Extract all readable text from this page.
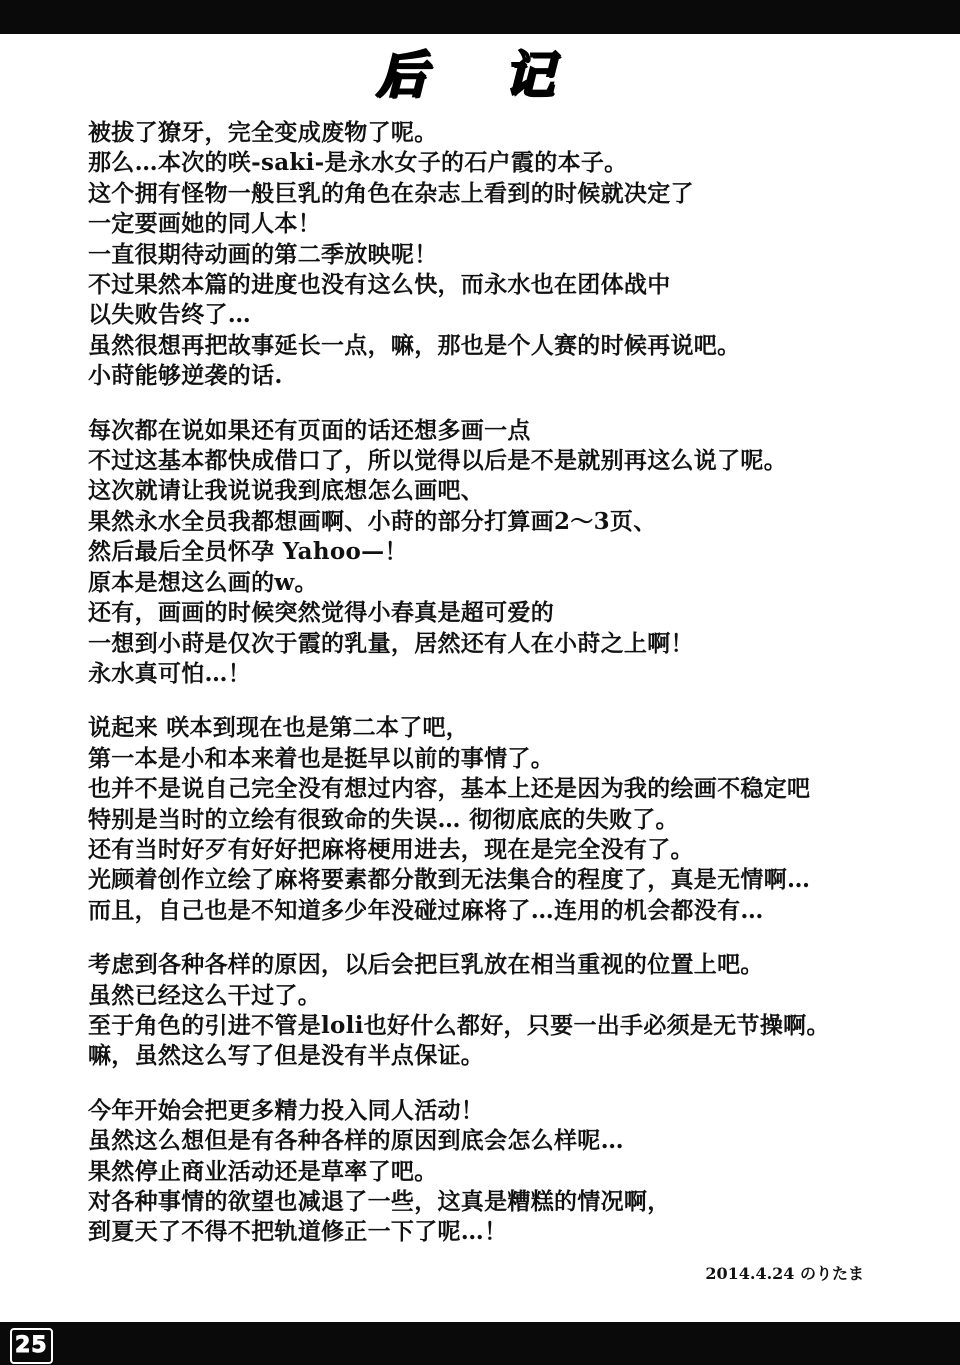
后 记
被拔了獠牙，完全变成废物了呢。
那么…本次的咲-saki-是永水女子的石户霞的本子。
这个拥有怪物一般巨乳的角色在杂志上看到的时候就决定了
一定要画她的同人本！
一直很期待动画的第二季放映呢！
不过果然本篇的进度也没有这么快，而永水也在团体战中
以失败告终了…
虽然很想再把故事延长一点，嘛，那也是个人赛的时候再说吧。
小莳能够逆袭的话.
每次都在说如果还有页面的话还想多画一点
不过这基本都快成借口了，所以觉得以后是不是就别再这么说了呢。
这次就请让我说说我到底想怎么画吧、
果然永水全员我都想画啊、小莳的部分打算画2～3页、
然后最后全员怀孕 Yahoo—！
原本是想这么画的w。
还有，画画的时候突然觉得小春真是超可爱的
一想到小莳是仅次于霞的乳量，居然还有人在小莳之上啊！
永水真可怕…！
说起来 咲本到现在也是第二本了吧，
第一本是小和本来着也是挺早以前的事情了。
也并不是说自己完全没有想过内容，基本上还是因为我的绘画不稳定吧
特别是当时的立绘有很致命的失误… 彻彻底底的失败了。
还有当时好歹有好好把麻将梗用进去，现在是完全没有了。
光顾着创作立绘了麻将要素都分散到无法集合的程度了，真是无情啊…
而且，自己也是不知道多少年没碰过麻将了…连用的机会都没有…
考虑到各种各样的原因，以后会把巨乳放在相当重视的位置上吧。
虽然已经这么干过了。
至于角色的引进不管是loli也好什么都好，只要一出手必须是无节操啊。
嘛，虽然这么写了但是没有半点保证。
今年开始会把更多精力投入同人活动！
虽然这么想但是有各种各样的原因到底会怎么样呢…
果然停止商业活动还是草率了吧。
对各种事情的欲望也减退了一些，这真是糟糕的情况啊，
到夏天了不得不把轨道修正一下了呢…！
2014.4.24 のりたま
25
